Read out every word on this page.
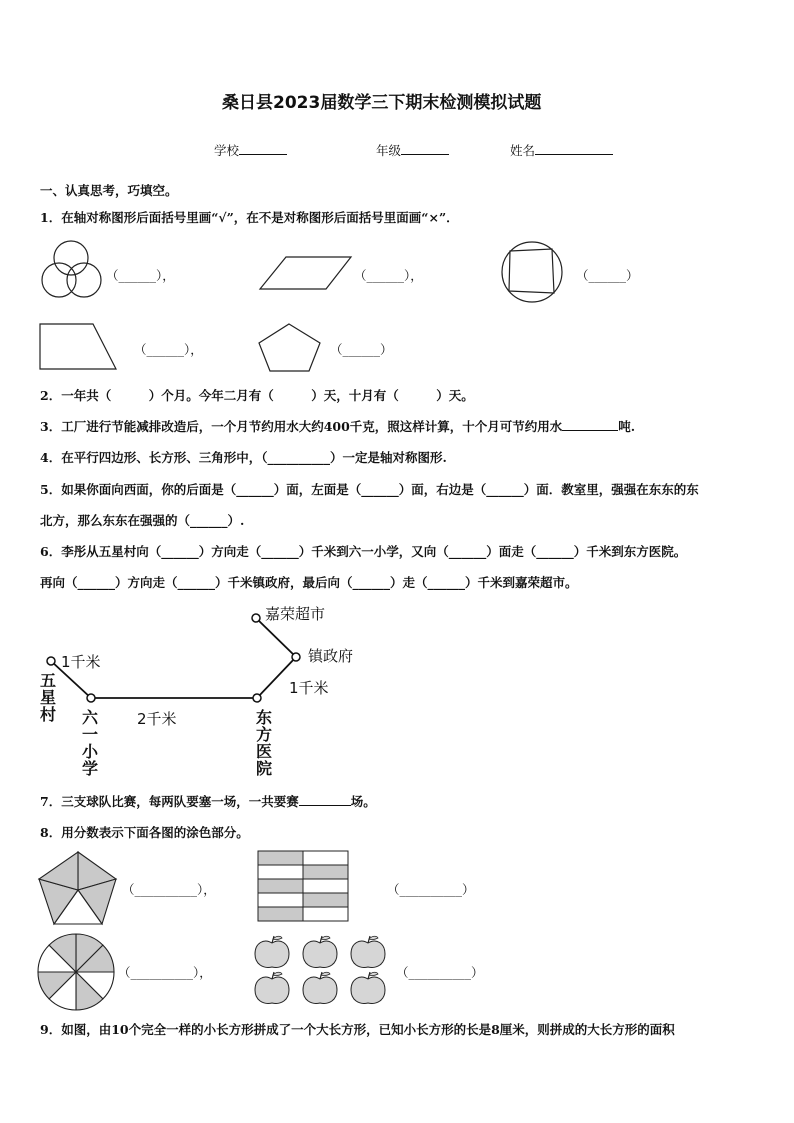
桑日县2023届数学三下期末检测模拟试题
学校	年级	姓名
一、认真思考，巧填空。
1．在轴对称图形后面括号里画“√”，在不是对称图形后面括号里面画“×”．
（______），	（______），	（______）
（______），	（______）
2．一年共（　　　）个月。今年二月有（　　　）天，十月有（　　　）天。
3．工厂进行节能减排改造后，一个月节约用水大约400千克，照这样计算，十个月可节约用水	吨.
4．在平行四边形、长方形、三角形中，（__________）一定是轴对称图形.
5．如果你面向西面，你的后面是（______）面，左面是（______）面，右边是（______）面．教室里，强强在东东的东
北方，那么东东在强强的（______）.
6．李彤从五星村向（______）方向走（______）千米到六一小学，又向（______）面走（______）千米到东方医院。
再向（______）方向走（______）千米镇政府，最后向（______）走（______）千米到嘉荣超市。
嘉荣超市
镇政府
1千米
1千米
2千米
五星村 六一小学
东方医院
7．三支球队比赛，每两队要塞一场，一共要赛	场。
8．用分数表示下面各图的涂色部分。
（__________），	（__________）
（__________），	（__________）
9．如图，由10个完全一样的小长方形拼成了一个大长方形，已知小长方形的长是8厘米，则拼成的大长方形的面积
